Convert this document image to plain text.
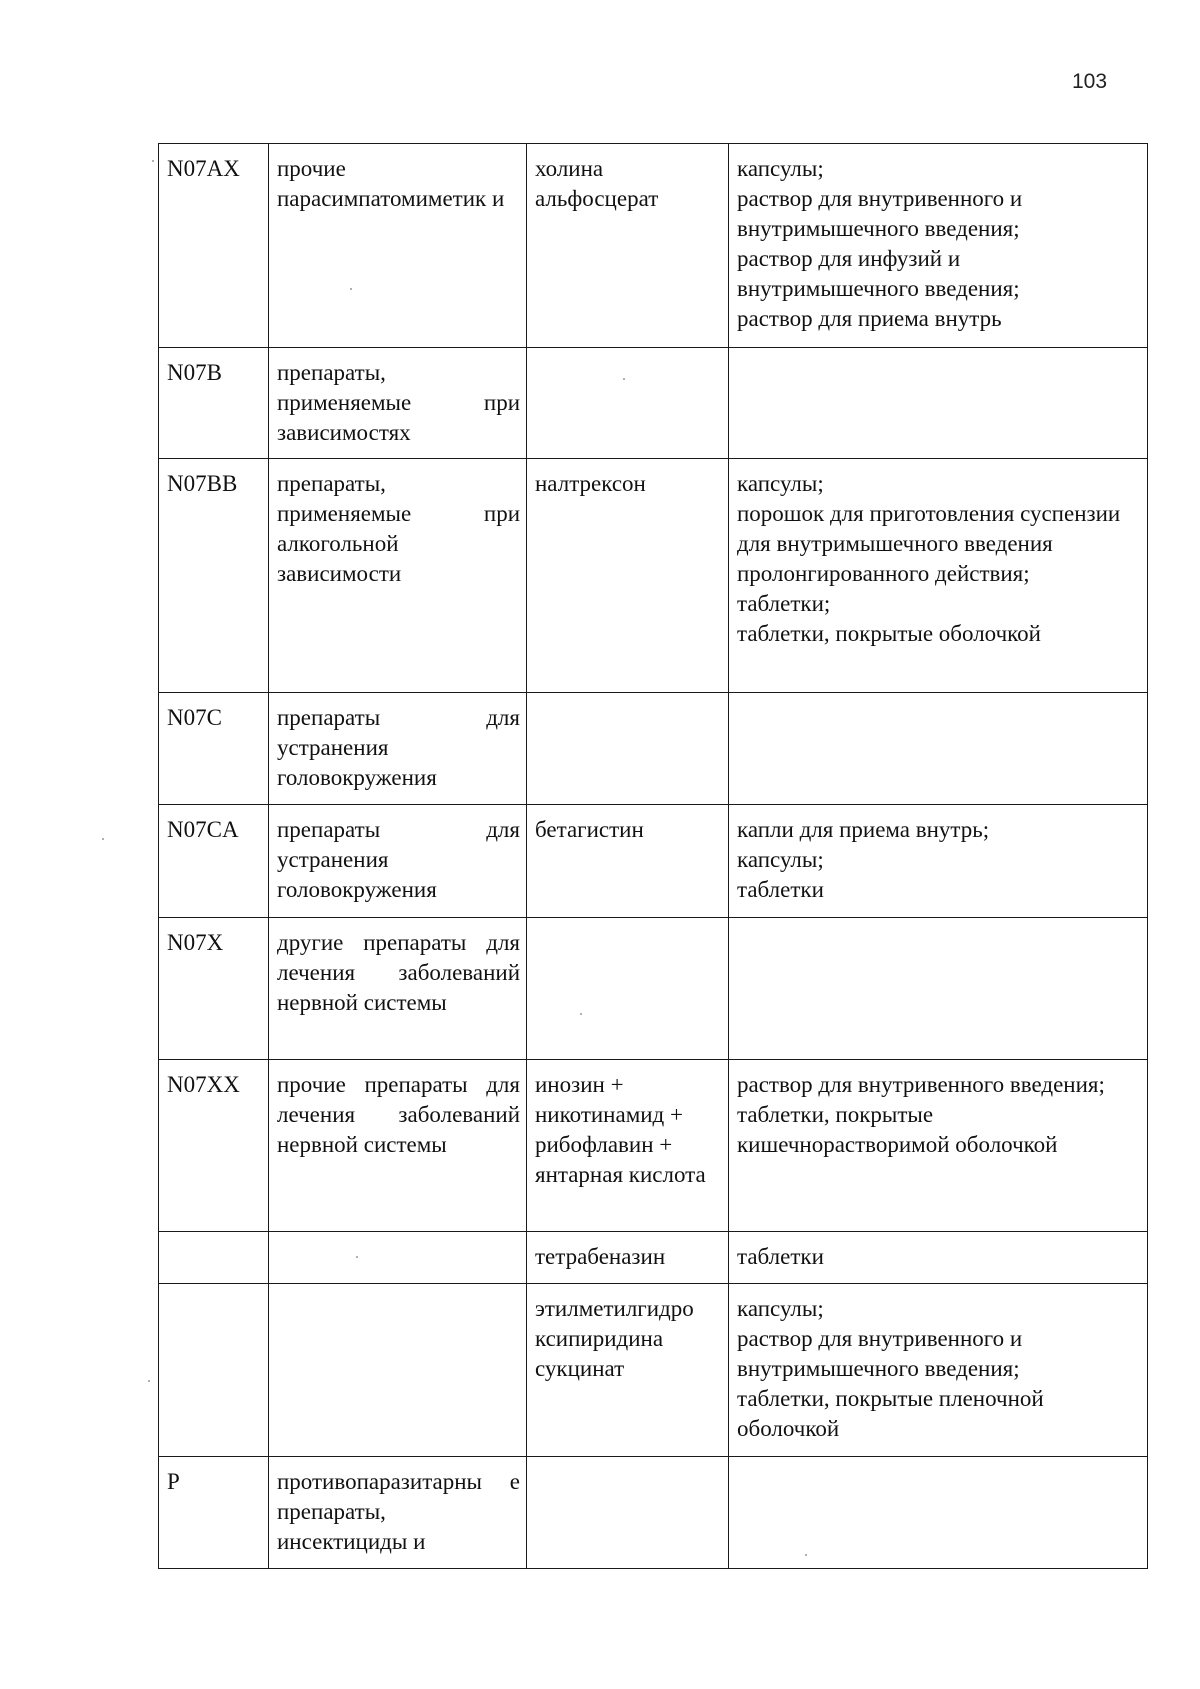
103
N07AX	прочие парасимпатомиметик и	холина альфосцерат	капсулы;
раствор для внутривенного и внутримышечного введения;
раствор для инфузий и внутримышечного введения;
раствор для приема внутрь

N07B	препараты, применяемые при зависимостях		
N07BB	препараты, применяемые при алкогольной зависимости	налтрексон	капсулы;
порошок для приготовления суспензии для внутримышечного введения пролонгированного действия;
таблетки;
таблетки, покрытые оболочкой

N07C	препараты для устранения головокружения		
N07CA	препараты для устранения головокружения	бетагистин	капли для приема внутрь;
капсулы;
таблетки

N07X	другие препараты для лечения заболеваний нервной системы		
N07XX	прочие препараты для лечения заболеваний нервной системы	инозин + никотинамид + рибофлавин + янтарная кислота	раствор для внутривенного введения;
таблетки, покрытые кишечнорастворимой оболочкой

		тетрабеназин	таблетки

		этилметилгидро ксипиридина сукцинат	капсулы;
раствор для внутривенного и внутримышечного введения;
таблетки, покрытые пленочной оболочкой

P	противопаразитарны е препараты, инсектициды и		
